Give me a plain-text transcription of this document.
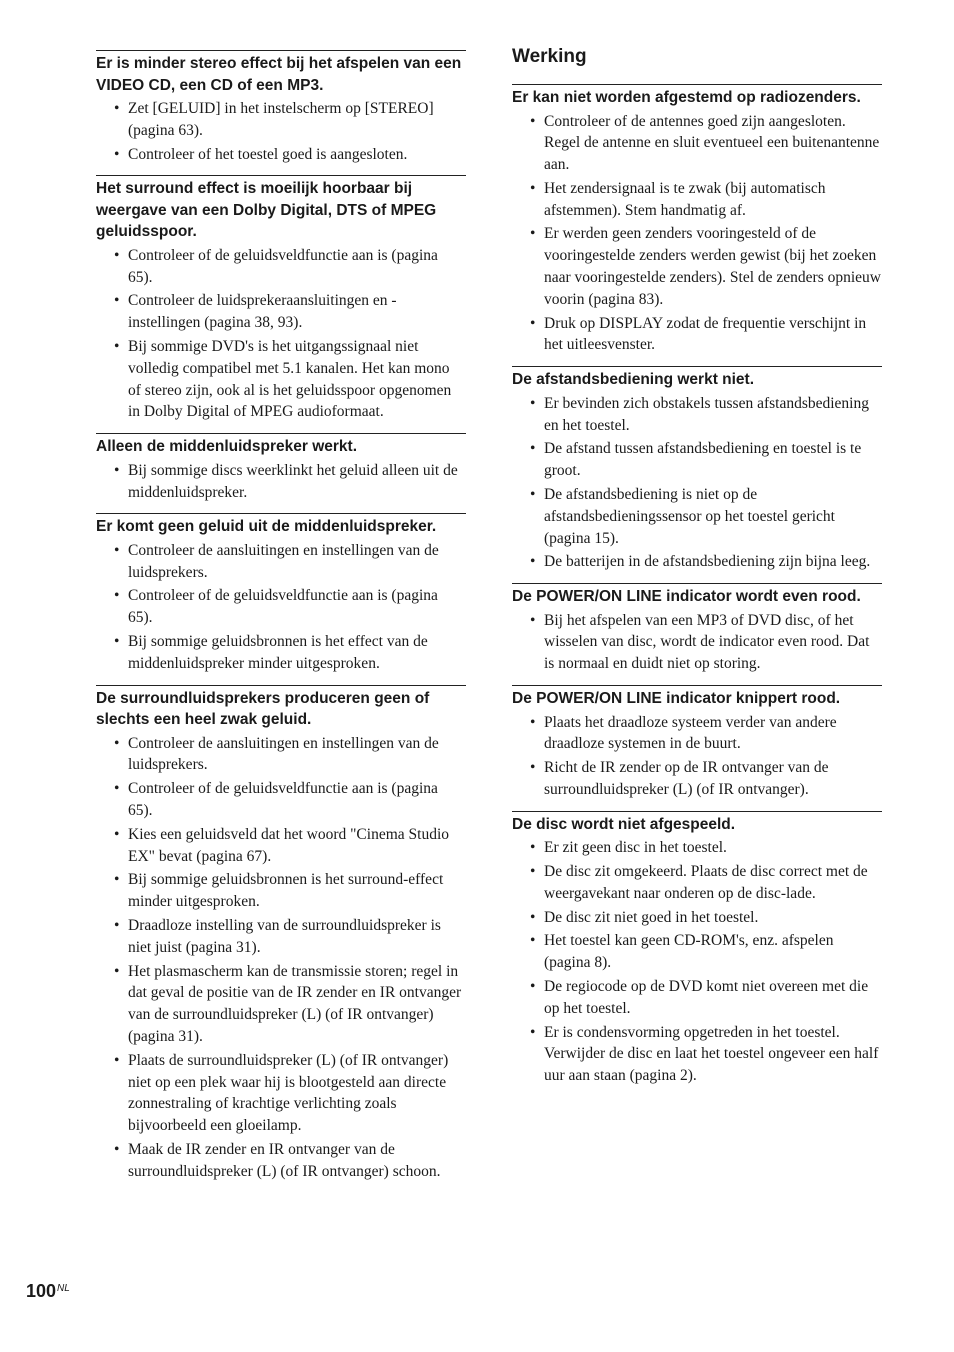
Er is minder stereo effect bij het afspelen van een VIDEO CD, een CD of een MP3.
• Zet [GELUID] in het instelscherm op [STEREO] (pagina 63).
• Controleer of het toestel goed is aangesloten.
Het surround effect is moeilijk hoorbaar bij weergave van een Dolby Digital, DTS of MPEG geluidsspoor.
• Controleer of de geluidsveldfunctie aan is (pagina 65).
• Controleer de luidsprekeraansluitingen en -instellingen (pagina 38, 93).
• Bij sommige DVD's is het uitgangssignaal niet volledig compatibel met 5.1 kanalen. Het kan mono of stereo zijn, ook al is het geluidsspoor opgenomen in Dolby Digital of MPEG audioformaat.
Alleen de middenluidspreker werkt.
• Bij sommige discs weerklinkt het geluid alleen uit de middenluidspreker.
Er komt geen geluid uit de middenluidspreker.
• Controleer de aansluitingen en instellingen van de luidsprekers.
• Controleer of de geluidsveldfunctie aan is (pagina 65).
• Bij sommige geluidsbronnen is het effect van de middenluidspreker minder uitgesproken.
De surroundluidsprekers produceren geen of slechts een heel zwak geluid.
• Controleer de aansluitingen en instellingen van de luidsprekers.
• Controleer of de geluidsveldfunctie aan is (pagina 65).
• Kies een geluidsveld dat het woord "Cinema Studio EX" bevat (pagina 67).
• Bij sommige geluidsbronnen is het surround-effect minder uitgesproken.
• Draadloze instelling van de surroundluidspreker is niet juist (pagina 31).
• Het plasmascherm kan de transmissie storen; regel in dat geval de positie van de IR zender en IR ontvanger van de surroundluidspreker (L) (of IR ontvanger) (pagina 31).
• Plaats de surroundluidspreker (L) (of IR ontvanger) niet op een plek waar hij is blootgesteld aan directe zonnestraling of krachtige verlichting zoals bijvoorbeeld een gloeilamp.
• Maak de IR zender en IR ontvanger van de surroundluidspreker (L) (of IR ontvanger) schoon.
Werking
Er kan niet worden afgestemd op radiozenders.
• Controleer of de antennes goed zijn aangesloten. Regel de antenne en sluit eventueel een buitenantenne aan.
• Het zendersignaal is te zwak (bij automatisch afstemmen). Stem handmatig af.
• Er werden geen zenders vooringesteld of de vooringestelde zenders werden gewist (bij het zoeken naar vooringestelde zenders). Stel de zenders opnieuw voorin (pagina 83).
• Druk op DISPLAY zodat de frequentie verschijnt in het uitleesvenster.
De afstandsbediening werkt niet.
• Er bevinden zich obstakels tussen afstandsbediening en het toestel.
• De afstand tussen afstandsbediening en toestel is te groot.
• De afstandsbediening is niet op de afstandsbedieningssensor op het toestel gericht (pagina 15).
• De batterijen in de afstandsbediening zijn bijna leeg.
De POWER/ON LINE indicator wordt even rood.
• Bij het afspelen van een MP3 of DVD disc, of het wisselen van disc, wordt de indicator even rood. Dat is normaal en duidt niet op storing.
De POWER/ON LINE indicator knippert rood.
• Plaats het draadloze systeem verder van andere draadloze systemen in de buurt.
• Richt de IR zender op de IR ontvanger van de surroundluidspreker (L) (of IR ontvanger).
De disc wordt niet afgespeeld.
• Er zit geen disc in het toestel.
• De disc zit omgekeerd. Plaats de disc correct met de weergavekant naar onderen op de disc-lade.
• De disc zit niet goed in het toestel.
• Het toestel kan geen CD-ROM's, enz. afspelen (pagina 8).
• De regiocode op de DVD komt niet overeen met die op het toestel.
• Er is condensvorming opgetreden in het toestel. Verwijder de disc en laat het toestel ongeveer een half uur aan staan (pagina 2).
$100^{NL}$
